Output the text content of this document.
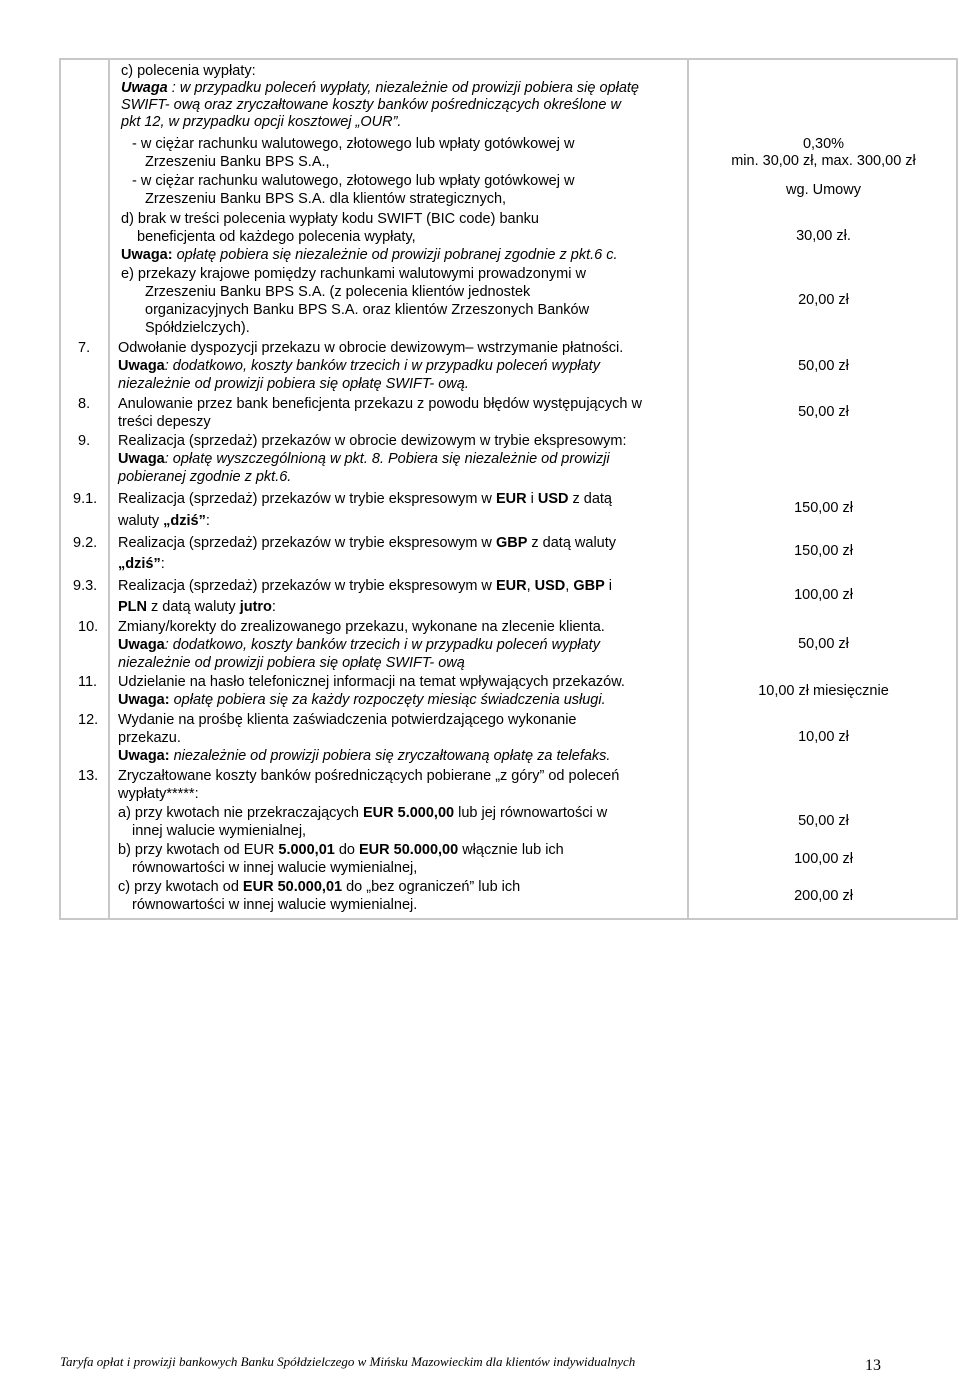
c) polecenia wypłaty:
Uwaga : w przypadku poleceń wypłaty, niezależnie od prowizji pobiera się opłatę
SWIFT- ową oraz zryczałtowane koszty banków pośredniczących określone w
pkt 12, w przypadku opcji kosztowej „OUR”.
- w ciężar rachunku walutowego, złotowego lub wpłaty gotówkowej w
Zrzeszeniu Banku BPS S.A.,
- w ciężar rachunku walutowego, złotowego lub wpłaty gotówkowej w
Zrzeszeniu Banku BPS S.A. dla klientów strategicznych,
0,30%
min. 30,00 zł, max. 300,00 zł
wg. Umowy
d) brak w treści polecenia wypłaty kodu SWIFT (BIC code) banku
beneficjenta od każdego polecenia wypłaty,
Uwaga: opłatę pobiera się niezależnie od prowizji pobranej zgodnie z pkt.6 c.
30,00 zł.
e) przekazy krajowe pomiędzy rachunkami walutowymi prowadzonymi w
Zrzeszeniu Banku BPS S.A. (z polecenia klientów jednostek
organizacyjnych Banku BPS S.A. oraz klientów Zrzeszonych Banków
Spółdzielczych).
20,00 zł
7. Odwołanie dyspozycji przekazu w obrocie dewizowym– wstrzymanie płatności.
Uwaga: dodatkowo, koszty banków trzecich i w przypadku poleceń wypłaty
niezależnie od prowizji pobiera się opłatę SWIFT- ową.
50,00 zł
8. Anulowanie przez bank beneficjenta przekazu z powodu błędów występujących w
treści depeszy
50,00 zł
9. Realizacja (sprzedaż) przekazów w obrocie dewizowym w trybie ekspresowym:
Uwaga: opłatę wyszczególnioną w pkt. 8. Pobiera się niezależnie od prowizji
pobieranej zgodnie z pkt.6.
9.1. Realizacja (sprzedaż) przekazów w trybie ekspresowym w EUR i USD z datą
waluty „dziś”:
150,00 zł
9.2. Realizacja (sprzedaż) przekazów w trybie ekspresowym w GBP z datą waluty
„dziś”:
150,00 zł
9.3. Realizacja (sprzedaż) przekazów w trybie ekspresowym w EUR, USD, GBP i
PLN z datą waluty jutro:
100,00 zł
10. Zmiany/korekty do zrealizowanego przekazu, wykonane na zlecenie klienta.
Uwaga: dodatkowo, koszty banków trzecich i w przypadku poleceń wypłaty
niezależnie od prowizji pobiera się opłatę SWIFT- ową
50,00 zł
11. Udzielanie na hasło telefonicznej informacji na temat wpływających przekazów.
Uwaga: opłatę pobiera się za każdy rozpoczęty miesiąc świadczenia usługi.
10,00 zł miesięcznie
12. Wydanie na prośbę klienta zaświadczenia potwierdzającego wykonanie
przekazu.
Uwaga: niezależnie od prowizji pobiera się zryczałtowaną opłatę za telefaks.
10,00 zł
13. Zryczałtowane koszty banków pośredniczących pobierane „z góry” od poleceń
wypłaty*****:
a) przy kwotach nie przekraczających EUR 5.000,00 lub jej równowartości w
innej walucie wymienialnej,
b) przy kwotach od EUR 5.000,01 do EUR 50.000,00 włącznie lub ich
równowartości w innej walucie wymienialnej,
c) przy kwotach od EUR 50.000,01 do „bez ograniczeń” lub ich
równowartości w innej walucie wymienialnej.
50,00 zł
100,00 zł
200,00 zł
Taryfa opłat i prowizji bankowych Banku Spółdzielczego w Mińsku Mazowieckim dla klientów indywidualnych	13
